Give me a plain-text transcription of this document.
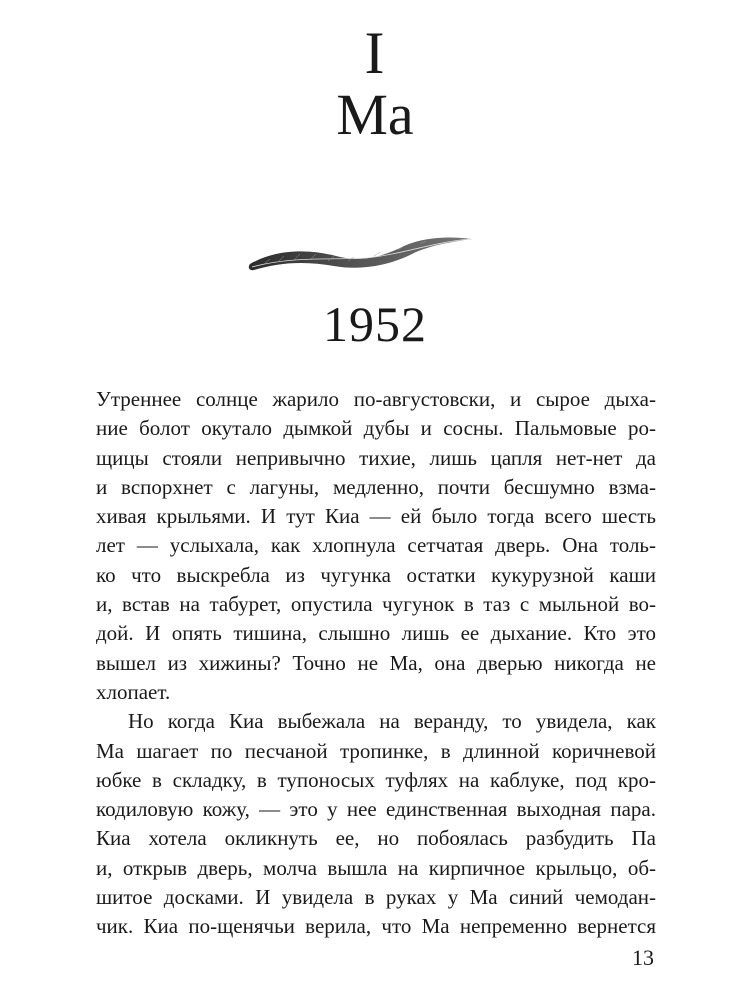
I
Ма
1952

Утреннее солнце жарило по-августовски, и сырое дыха-
ние болот окутало дымкой дубы и сосны. Пальмовые ро-
щицы стояли непривычно тихие, лишь цапля нет-нет да
и вспорхнет с лагуны, медленно, почти бесшумно взма-
хивая крыльями. И тут Киа — ей было тогда всего шесть
лет — услыхала, как хлопнула сетчатая дверь. Она толь-
ко что выскребла из чугунка остатки кукурузной каши
и, встав на табурет, опустила чугунок в таз с мыльной во-
дой. И опять тишина, слышно лишь ее дыхание. Кто это
вышел из хижины? Точно не Ма, она дверью никогда не
хлопает.

Но когда Киа выбежала на веранду, то увидела, как
Ма шагает по песчаной тропинке, в длинной коричневой
юбке в складку, в тупоносых туфлях на каблуке, под кро-
кодиловую кожу, — это у нее единственная выходная пара.
Киа хотела окликнуть ее, но побоялась разбудить Па
и, открыв дверь, молча вышла на кирпичное крыльцо, об-
шитое досками. И увидела в руках у Ма синий чемодан-
чик. Киа по-щенячьи верила, что Ма непременно вернется

13
